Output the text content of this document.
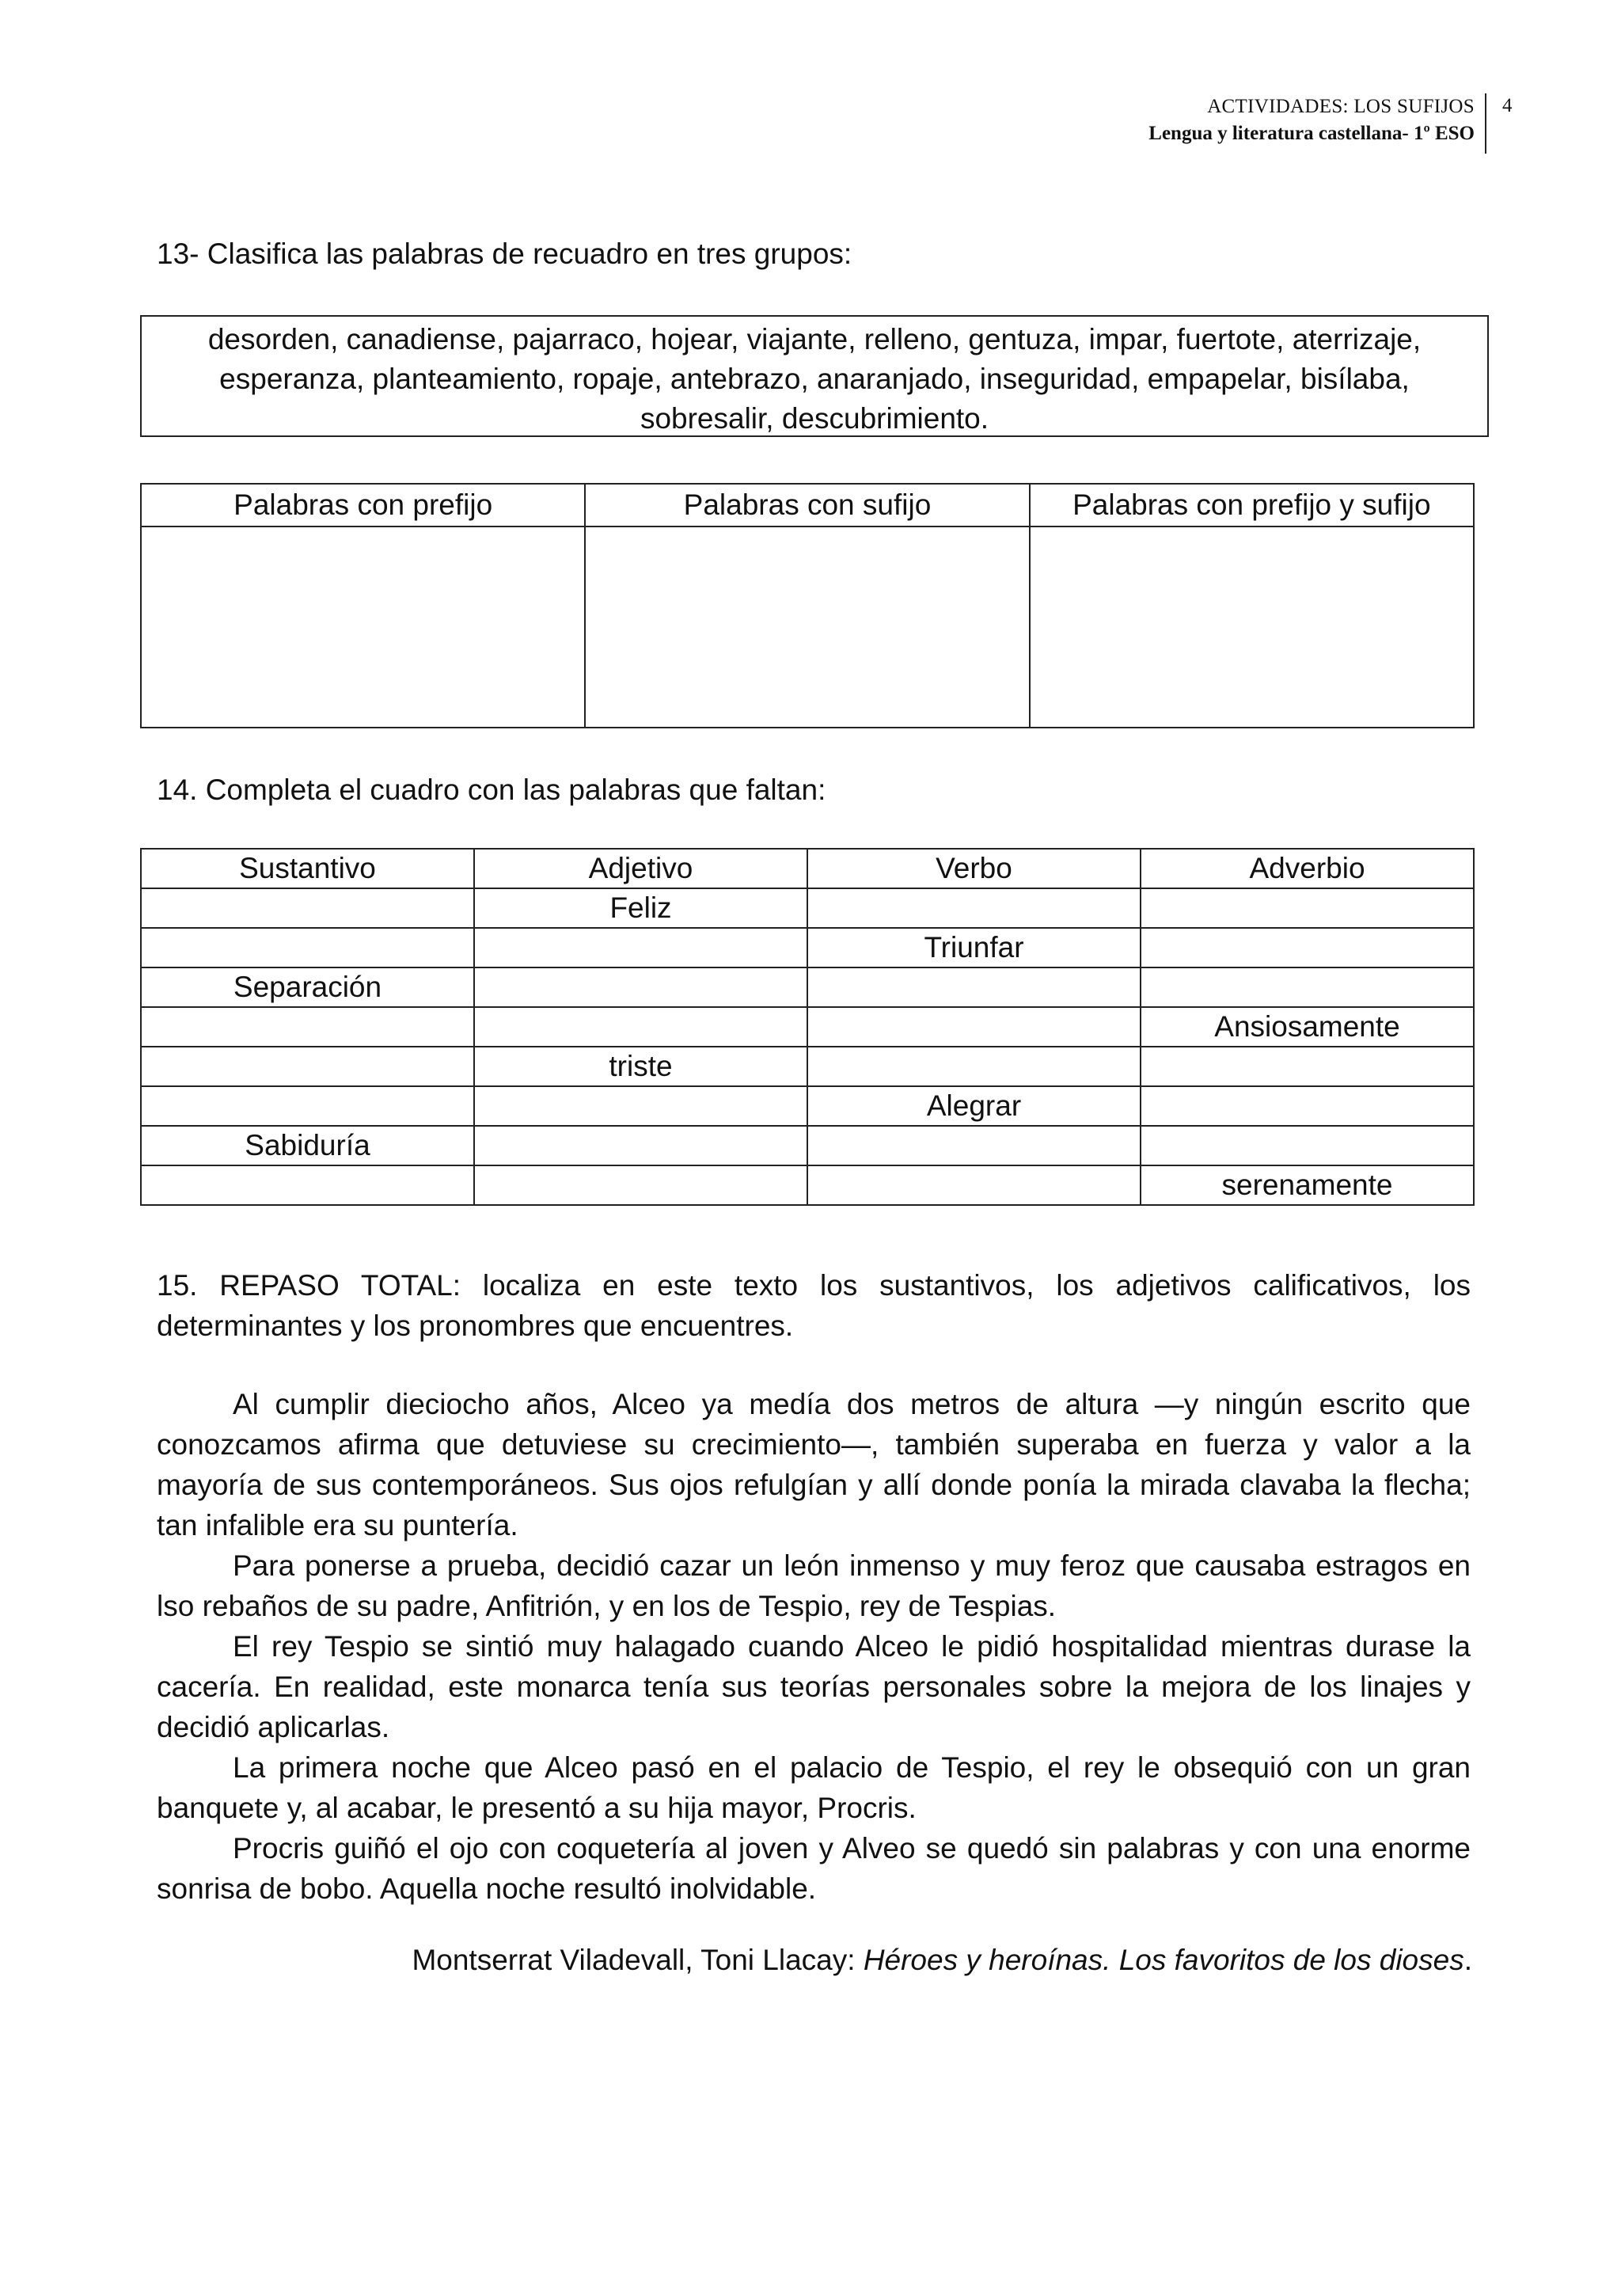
ACTIVIDADES: LOS SUFIJOS
Lengua y literatura castellana- 1º ESO
4
13- Clasifica las palabras de recuadro en tres grupos:
desorden, canadiense, pajarraco, hojear, viajante, relleno, gentuza, impar, fuertote, aterrizaje, esperanza, planteamiento, ropaje, antebrazo, anaranjado, inseguridad, empapelar, bisílaba, sobresalir, descubrimiento.
Palabras con prefijo	Palabras con sufijo	Palabras con prefijo y sufijo

14. Completa el cuadro con las palabras que faltan:
Sustantivo	Adjetivo	Verbo	Adverbio
	Feliz		
		Triunfar	
Separación			
			Ansiosamente
	triste		
		Alegrar	
Sabiduría			
			serenamente

15. REPASO TOTAL: localiza en este texto los sustantivos, los adjetivos calificativos, los determinantes y los pronombres que encuentres.

Al cumplir dieciocho años, Alceo ya medía dos metros de altura —y ningún escrito que conozcamos afirma que detuviese su crecimiento—, también superaba en fuerza y valor a la mayoría de sus contemporáneos. Sus ojos refulgían y allí donde ponía la mirada clavaba la flecha; tan infalible era su puntería.

Para ponerse a prueba, decidió cazar un león inmenso y muy feroz que causaba estragos en lso rebaños de su padre, Anfitrión, y en los de Tespio, rey de Tespias.

El rey Tespio se sintió muy halagado cuando Alceo le pidió hospitalidad mientras durase la cacería. En realidad, este monarca tenía sus teorías personales sobre la mejora de los linajes y decidió aplicarlas.

La primera noche que Alceo pasó en el palacio de Tespio, el rey le obsequió con un gran banquete y, al acabar, le presentó a su hija mayor, Procris.

Procris guiñó el ojo con coquetería al joven y Alveo se quedó sin palabras y con una enorme sonrisa de bobo. Aquella noche resultó inolvidable.

Montserrat Viladevall, Toni Llacay: Héroes y heroínas. Los favoritos de los dioses.
